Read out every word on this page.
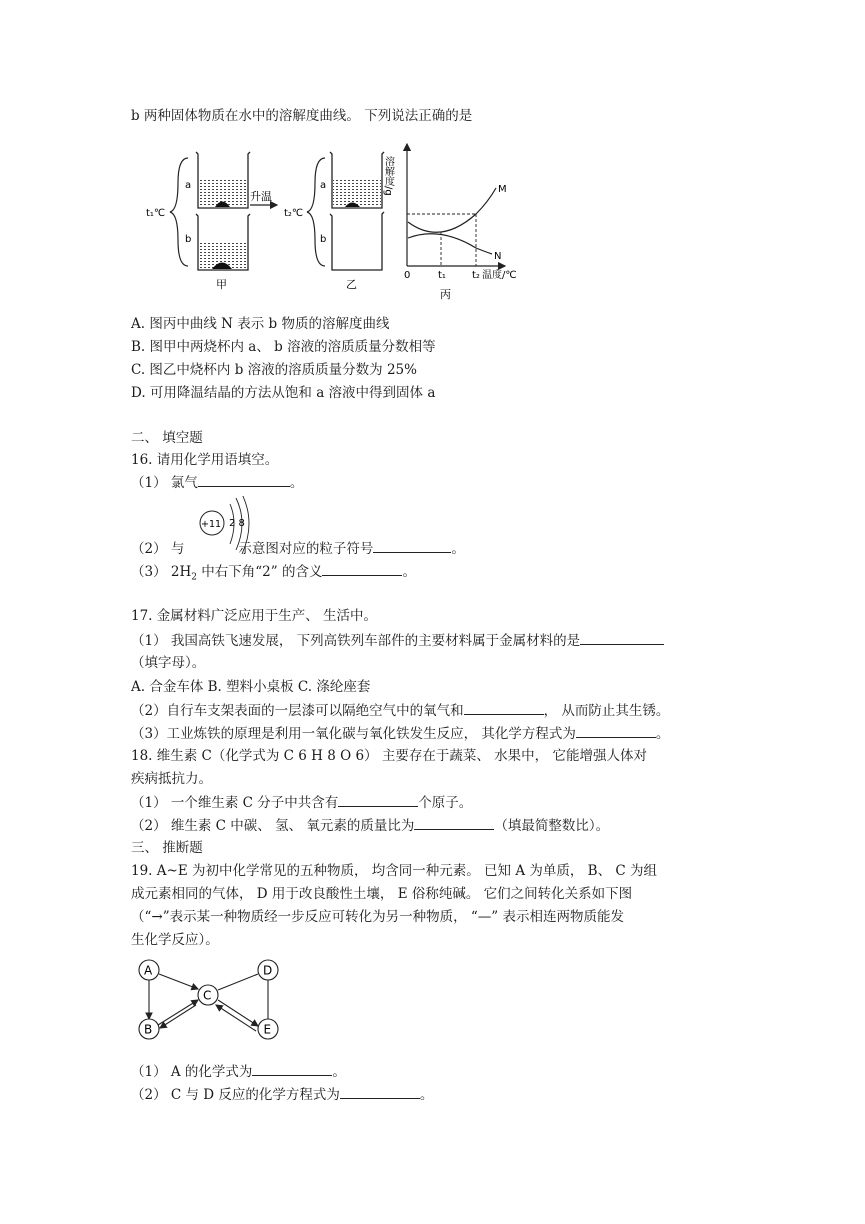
b 两种固体物质在水中的溶解度曲线。 下列说法正确的是
t₁℃
a
b
甲
升温
t₂℃
a
b
乙
溶解度/g	M
N
0	t₁	t₂ 温度/℃
丙
A. 图丙中曲线 N 表示 b 物质的溶解度曲线
B. 图甲中两烧杯内 a、 b 溶液的溶质质量分数相等
C. 图乙中烧杯内 b 溶液的溶质质量分数为 25%
D. 可用降温结晶的方法从饱和 a 溶液中得到固体 a
二、 填空题
16. 请用化学用语填空。
（1） 氯气	。
+11 2 8
（2） 与	示意图对应的粒子符号	。
（3） $2H_2$ 中右下角“2” 的含义	。
17. 金属材料广泛应用于生产、 生活中。
（1） 我国高铁飞速发展， 下列高铁列车部件的主要材料属于金属材料的是
（填字母）。
A. 合金车体 B. 塑料小桌板 C. 涤纶座套
（2）自行车支架表面的一层漆可以隔绝空气中的氧气和	， 从而防止其生锈。
（3）工业炼铁的原理是利用一氧化碳与氧化铁发生反应， 其化学方程式为	。
18. 维生素 C（化学式为 C 6 H 8 O 6） 主要存在于蔬菜、 水果中， 它能增强人体对
疾病抵抗力。
（1） 一个维生素 C 分子中共含有	个原子。
（2） 维生素 C 中碳、 氢、 氧元素的质量比为	（填最简整数比）。
三、 推断题
19. A~E 为初中化学常见的五种物质， 均含同一种元素。 已知 A 为单质， B、 C 为组
成元素相同的气体， D 用于改良酸性土壤， E 俗称纯碱。 它们之间转化关系如下图
（“→”表示某一种物质经一步反应可转化为另一种物质， “—” 表示相连两物质能发
生化学反应）。
A
B
C
D
E
（1） A 的化学式为	。
（2） C 与 D 反应的化学方程式为	。
